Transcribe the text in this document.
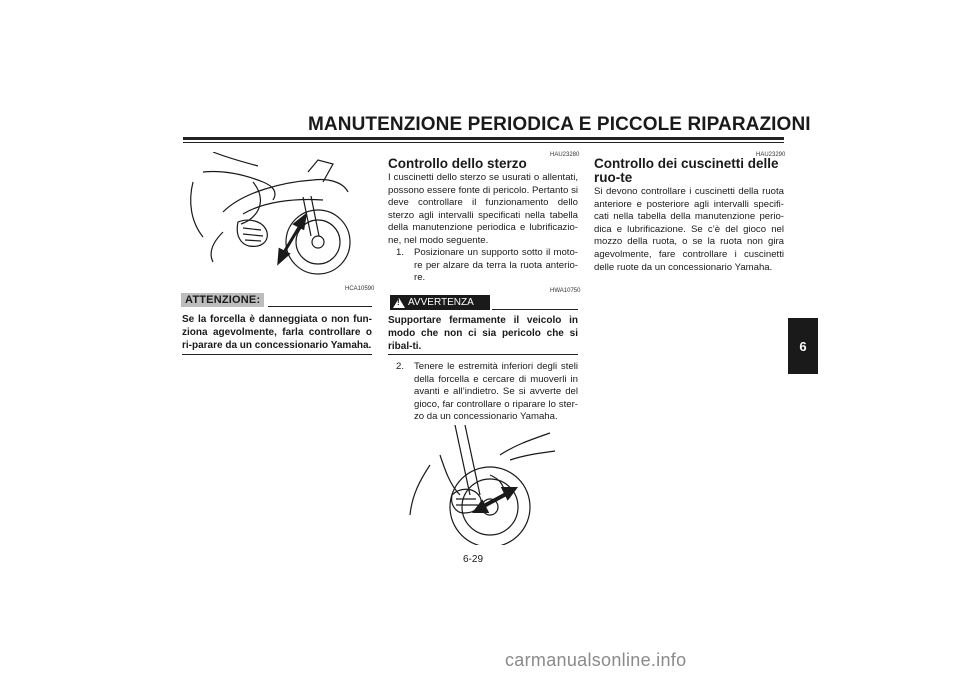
MANUTENZIONE PERIODICA E PICCOLE RIPARAZIONI
6
HCA10590
ATTENZIONE:
Se la forcella è danneggiata o non fun-ziona agevolmente, farla controllare o ri-parare da un concessionario Yamaha.
HAU23280
Controllo dello sterzo
I cuscinetti dello sterzo se usurati o allentati, possono essere fonte di pericolo. Pertanto si deve controllare il funzionamento dello sterzo agli intervalli specificati nella tabella della manutenzione periodica e lubrificazio-ne, nel modo seguente.
1.	Posizionare un supporto sotto il moto-re per alzare da terra la ruota anterio-re.
HWA10750
!
AVVERTENZA
Supportare fermamente il veicolo in modo che non ci sia pericolo che si ribal-ti.
2.	Tenere le estremità inferiori degli steli della forcella e cercare di muoverli in avanti e all’indietro. Se si avverte del gioco, far controllare o riparare lo ster-zo da un concessionario Yamaha.
HAU23290
Controllo dei cuscinetti delle ruo-te
Si devono controllare i cuscinetti della ruota anteriore e posteriore agli intervalli specifi-cati nella tabella della manutenzione perio-dica e lubrificazione. Se c’è del gioco nel mozzo della ruota, o se la ruota non gira agevolmente, fare controllare i cuscinetti delle ruote da un concessionario Yamaha.
6-29
carmanualsonline.info
